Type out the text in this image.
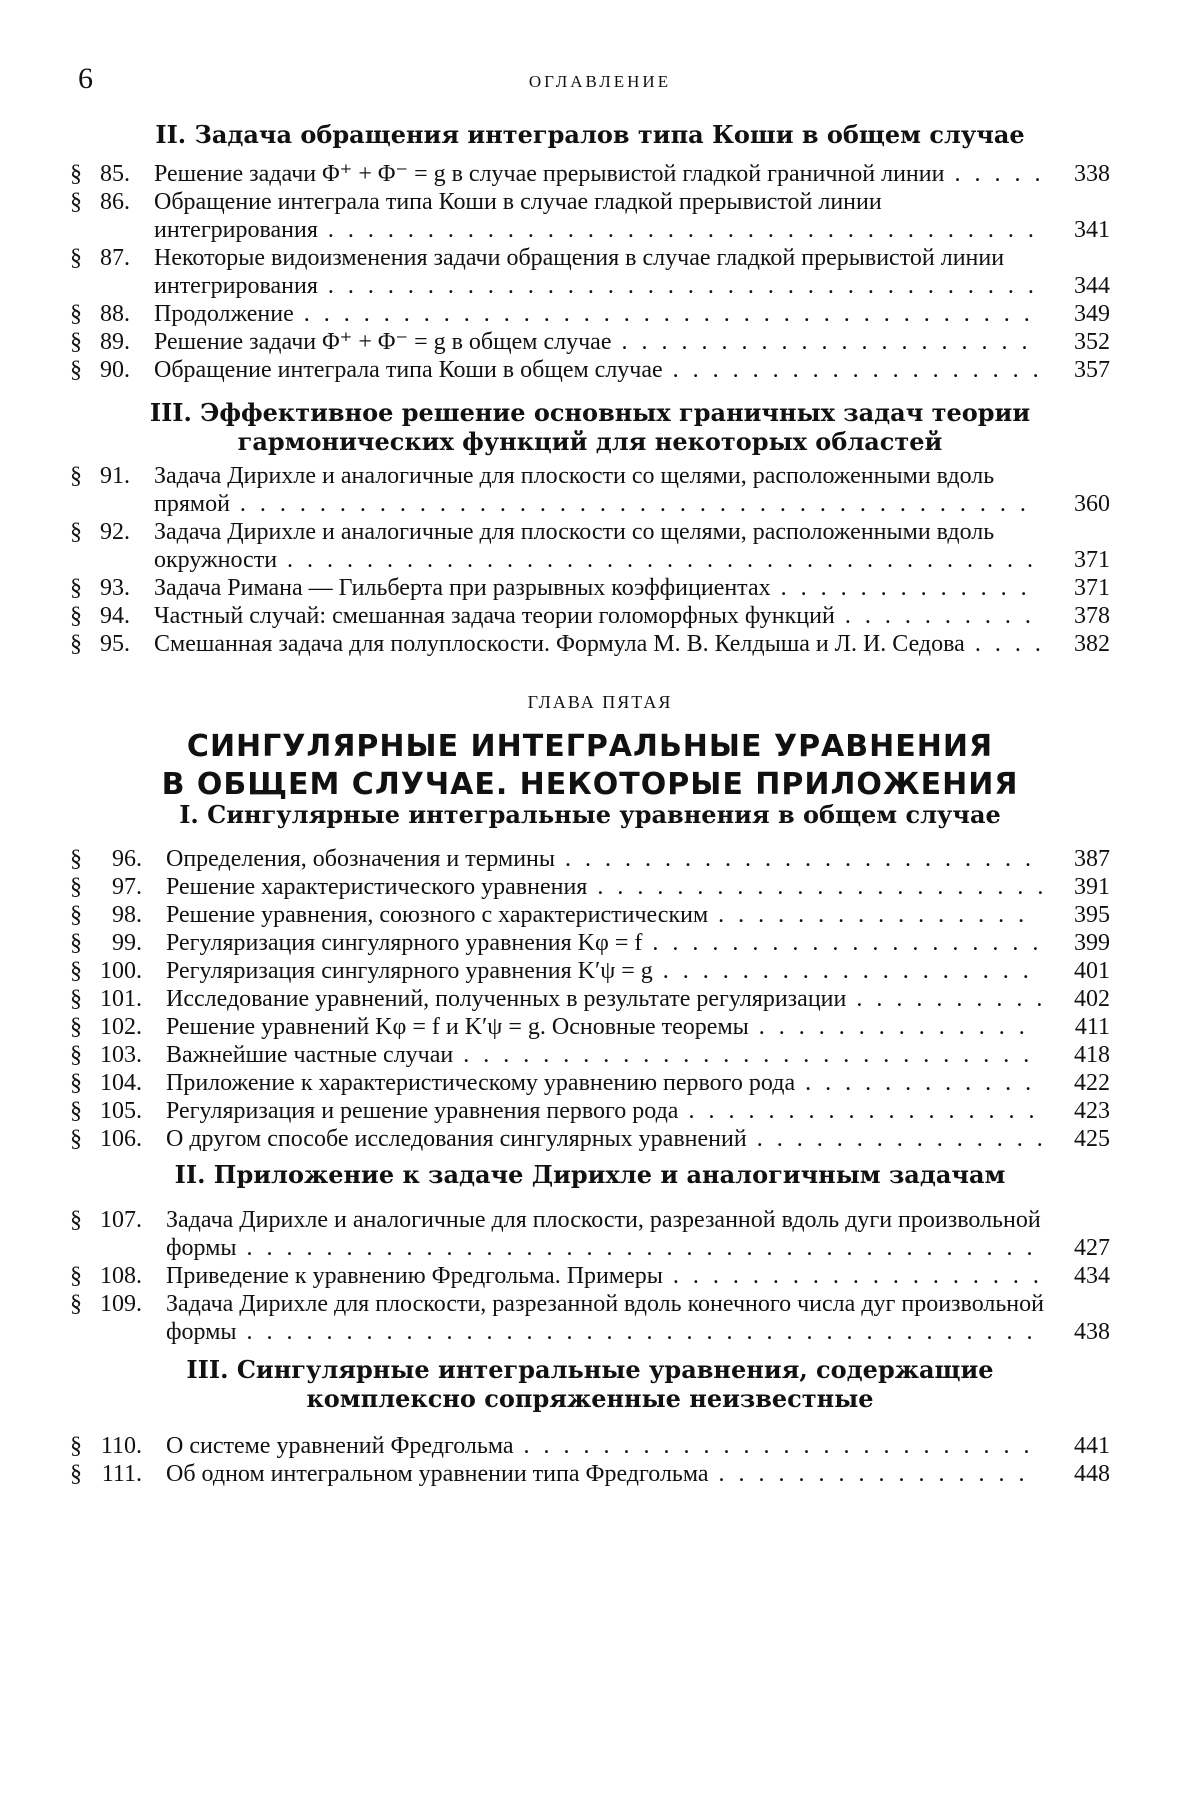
6	ОГЛАВЛЕНИЕ
II. Задача обращения интегралов типа Коши в общем случае
§ 85. Решение задачи Φ⁺ + Φ⁻ = g в случае прерывистой гладкой граничной линии . . . . .	338
§ 86. Обращение интеграла типа Коши в случае гладкой прерывистой линии интегрирования . . . . . . . . . . . . . . . . . . . . . . . . . . . . . . . . . . . .	341
§ 87. Некоторые видоизменения задачи обращения в случае гладкой прерывистой линии интегрирования . . . . . . . . . . . . . . . . . . . . . . . . . . . . . . . . . . . .	344
§ 88. Продолжение . . . . . . . . . . . . . . . . . . . . . . . . . . . . . . . . . . . . .	349
§ 89. Решение задачи Φ⁺ + Φ⁻ = g в общем случае . . . . . . . . . . . . . . . . . . . . .	352
§ 90. Обращение интеграла типа Коши в общем случае . . . . . . . . . . . . . . . . . . .	357
III. Эффективное решение основных граничных задач теории
гармонических функций для некоторых областей
§ 91. Задача Дирихле и аналогичные для плоскости со щелями, расположенными вдоль прямой . . . . . . . . . . . . . . . . . . . . . . . . . . . . . . . . . . . . . . . .	360
§ 92. Задача Дирихле и аналогичные для плоскости со щелями, расположенными вдоль окружности . . . . . . . . . . . . . . . . . . . . . . . . . . . . . . . . . . . . . .	371
§ 93. Задача Римана — Гильберта при разрывных коэффициентах . . . . . . . . . . . . .	371
§ 94. Частный случай: смешанная задача теории голоморфных функций . . . . . . . . . .	378
§ 95. Смешанная задача для полуплоскости. Формула М. В. Келдыша и Л. И. Седова . . . .	382
ГЛАВА ПЯТАЯ
СИНГУЛЯРНЫЕ ИНТЕГРАЛЬНЫЕ УРАВНЕНИЯ
В ОБЩЕМ СЛУЧАЕ. НЕКОТОРЫЕ ПРИЛОЖЕНИЯ
I. Сингулярные интегральные уравнения в общем случае
§	96. Определения, обозначения и термины . . . . . . . . . . . . . . . . . . . . . . . .	387
§	97. Решение характеристического уравнения . . . . . . . . . . . . . . . . . . . . . . .	391
§	98. Решение уравнения, союзного с характеристическим . . . . . . . . . . . . . . . .	395
§	99. Регуляризация сингулярного уравнения Kφ = f . . . . . . . . . . . . . . . . . . . .	399
§ 100. Регуляризация сингулярного уравнения K′ψ = g . . . . . . . . . . . . . . . . . . .	401
§ 101. Исследование уравнений, полученных в результате регуляризации . . . . . . . . . .	402
§ 102. Решение уравнений Kφ = f и K′ψ = g. Основные теоремы . . . . . . . . . . . . . .	411
§ 103. Важнейшие частные случаи . . . . . . . . . . . . . . . . . . . . . . . . . . . . .	418
§ 104. Приложение к характеристическому уравнению первого рода . . . . . . . . . . . .	422
§ 105. Регуляризация и решение уравнения первого рода . . . . . . . . . . . . . . . . . .	423
§ 106. О другом способе исследования сингулярных уравнений . . . . . . . . . . . . . . .	425
II. Приложение к задаче Дирихле и аналогичным задачам
§ 107. Задача Дирихле и аналогичные для плоскости, разрезанной вдоль дуги произвольной формы . . . . . . . . . . . . . . . . . . . . . . . . . . . . . . . . . . . . . . . .	427
§ 108. Приведение к уравнению Фредгольма. Примеры . . . . . . . . . . . . . . . . . . .	434
§ 109. Задача Дирихле для плоскости, разрезанной вдоль конечного числа дуг произвольной формы . . . . . . . . . . . . . . . . . . . . . . . . . . . . . . . . . . . . . . . .	438
III. Сингулярные интегральные уравнения, содержащие
комплексно сопряженные неизвестные
§ 110. О системе уравнений Фредгольма . . . . . . . . . . . . . . . . . . . . . . . . . .	441
§ 111. Об одном интегральном уравнении типа Фредгольма . . . . . . . . . . . . . . . .	448
